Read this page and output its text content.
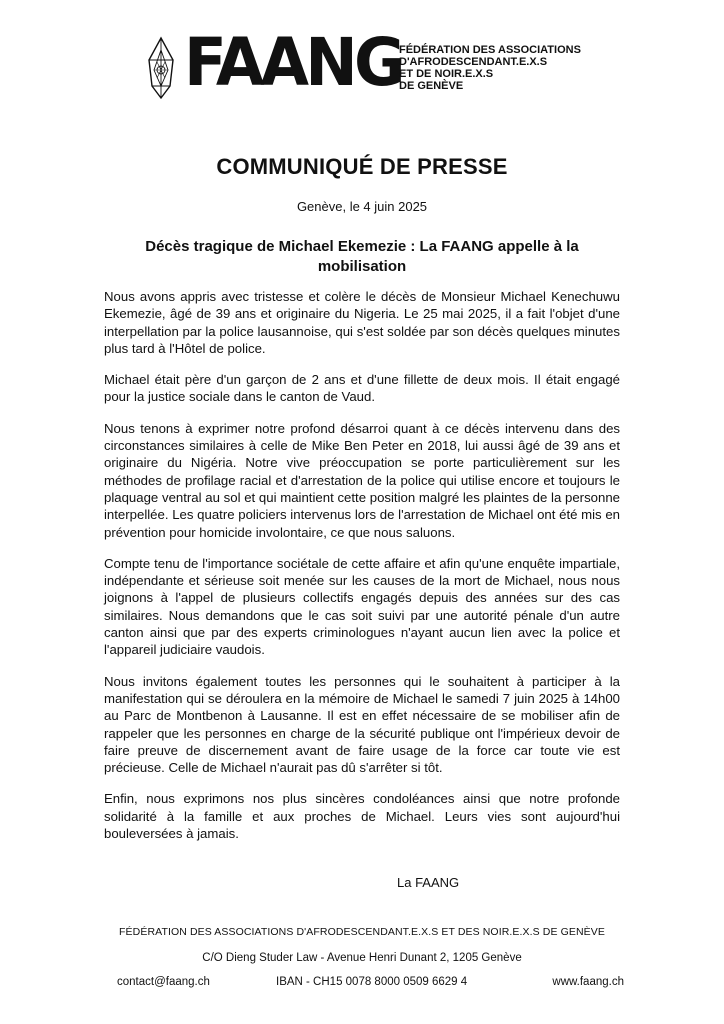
FAANG
FÉDÉRATION DES ASSOCIATIONS
D'AFRODESCENDANT.E.X.S
ET DE NOIR.E.X.S
DE GENÈVE
COMMUNIQUÉ DE PRESSE
Genève, le 4 juin 2025
Décès tragique de Michael Ekemezie : La FAANG appelle à la mobilisation

Nous avons appris avec tristesse et colère le décès de Monsieur Michael Kenechuwu Ekemezie, âgé de 39 ans et originaire du Nigeria. Le 25 mai 2025, il a fait l'objet d'une interpellation par la police lausannoise, qui s'est soldée par son décès quelques minutes plus tard à l'Hôtel de police.

Michael était père d'un garçon de 2 ans et d'une fillette de deux mois. Il était engagé pour la justice sociale dans le canton de Vaud.

Nous tenons à exprimer notre profond désarroi quant à ce décès intervenu dans des circonstances similaires à celle de Mike Ben Peter en 2018, lui aussi âgé de 39 ans et originaire du Nigéria. Notre vive préoccupation se porte particulièrement sur les méthodes de profilage racial et d'arrestation de la police qui utilise encore et toujours le plaquage ventral au sol et qui maintient cette position malgré les plaintes de la personne interpellée. Les quatre policiers intervenus lors de l'arrestation de Michael ont été mis en prévention pour homicide involontaire, ce que nous saluons.

Compte tenu de l'importance sociétale de cette affaire et afin qu'une enquête impartiale, indépendante et sérieuse soit menée sur les causes de la mort de Michael, nous nous joignons à l'appel de plusieurs collectifs engagés depuis des années sur des cas similaires. Nous demandons que le cas soit suivi par une autorité pénale d'un autre canton ainsi que par des experts criminologues n'ayant aucun lien avec la police et l'appareil judiciaire vaudois.

Nous invitons également toutes les personnes qui le souhaitent à participer à la manifestation qui se déroulera en la mémoire de Michael le samedi 7 juin 2025 à 14h00 au Parc de Montbenon à Lausanne. Il est en effet nécessaire de se mobiliser afin de rappeler que les personnes en charge de la sécurité publique ont l'impérieux devoir de faire preuve de discernement avant de faire usage de la force car toute vie est précieuse. Celle de Michael n'aurait pas dû s'arrêter si tôt.

Enfin, nous exprimons nos plus sincères condoléances ainsi que notre profonde solidarité à la famille et aux proches de Michael. Leurs vies sont aujourd'hui bouleversées à jamais.

La FAANG
FÉDÉRATION DES ASSOCIATIONS D'AFRODESCENDANT.E.X.S ET DES NOIR.E.X.S DE GENÈVE
C/O Dieng Studer Law - Avenue Henri Dunant 2, 1205 Genève
contact@faang.ch	IBAN - CH15 0078 8000 0509 6629 4	www.faang.ch
